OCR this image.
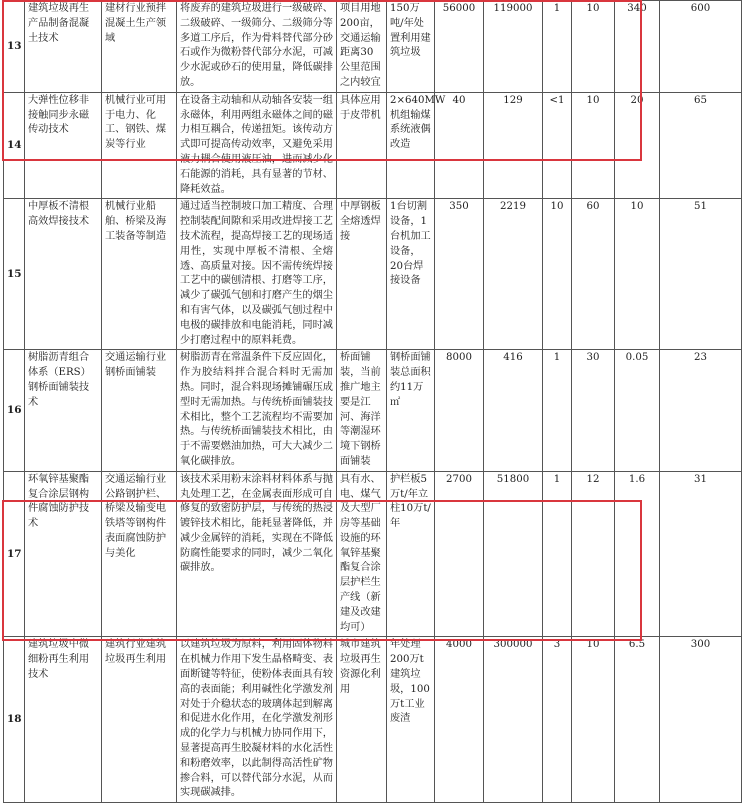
13	建筑垃圾再生产品制备混凝土技术	建材行业预拌混凝土生产领域	将废弃的建筑垃圾进行一级破碎、二级破碎、一级筛分、二级筛分等多道工序后，作为骨料替代部分砂石或作为微粉替代部分水泥，可减少水泥或砂石的使用量，降低碳排放。	项目用地200亩，交通运输距离30公里范围之内较宜	150万吨/年处置利用建筑垃圾	56000	119000	1	10	340	600
14	大弹性位移非接触同步永磁传动技术	机械行业可用于电力、化工、钢铁、煤炭等行业	在设备主动轴和从动轴各安装一组永磁体，利用两组永磁体之间的磁力相互耦合，传递扭矩。该传动方式即可提高传动效率，又避免采用液力耦合使用液压油，进而减少化石能源的消耗，具有显著的节材、降耗效益。	具体应用于皮带机	2×640MW机组输煤系统液偶改造	40	129	<1	10	20	65
15	中厚板不清根高效焊接技术	机械行业船舶、桥梁及海工装备等制造	通过适当控制坡口加工精度、合理控制装配间隙和采用改进焊接工艺技术流程，提高焊接工艺的现场适用性，实现中厚板不清根、全熔透、高质量对接。因不需传统焊接工艺中的碳刨清根、打磨等工序，减少了碳弧气刨和打磨产生的烟尘和有害气体，以及碳弧气刨过程中电极的碳排放和电能消耗，同时减少打磨过程中的原料耗费。	中厚钢板全熔透焊接	1台切割设备，1台机加工设备，20台焊接设备	350	2219	10	60	10	51
16	树脂沥青组合体系（ERS）钢桥面铺装技术	交通运输行业钢桥面铺装	树脂沥青在常温条件下反应固化，作为胶结料拌合混合料时无需加热。同时，混合料现场摊铺碾压成型时无需加热。与传统桥面铺装技术相比，整个工艺流程均不需要加热。与传统桥面铺装技术相比，由于不需要燃油加热，可大大减少二氧化碳排放。	桥面铺装，当前推广地主要是江河、海洋等潮湿环境下钢桥面铺装	钢桥面铺装总面积约11万㎡	8000	416	1	30	0.05	23
17	环氧锌基聚酯复合涂层钢构件腐蚀防护技术	交通运输行业公路钢护栏、桥梁及输变电铁塔等钢构件表面腐蚀防护与美化	该技术采用粉末涂料材料体系与抛丸处理工艺，在金属表面形成可自修复的致密防护层，与传统的热浸镀锌技术相比，能耗显著降低，并减少金属锌的消耗，实现在不降低防腐性能要求的同时，减少二氧化碳排放。	具有水、电、煤气及大型厂房等基础设施的环氧锌基聚酯复合涂层护栏生产线（新建及改建均可）	护栏板5万t/年立柱10万t/年	2700	51800	1	12	1.6	31
18	建筑垃圾中微细粉再生利用技术	建筑行业建筑垃圾再生利用	以建筑垃圾为原料，利用固体物料在机械力作用下发生晶格畸变、表面断键等特征，使粉体表面具有较高的表面能；利用碱性化学激发剂对处于介稳状态的玻璃体起到解离和促进水化作用，在化学激发剂形成的化学力与机械力协同作用下，显著提高再生胶凝材料的水化活性和粉磨效率，以此制得高活性矿物掺合料，可以替代部分水泥，从而实现碳减排。	城市建筑垃圾再生资源化利用	年处理200万t建筑垃圾，100万t工业废渣	4000	300000	3	10	6.5	300
